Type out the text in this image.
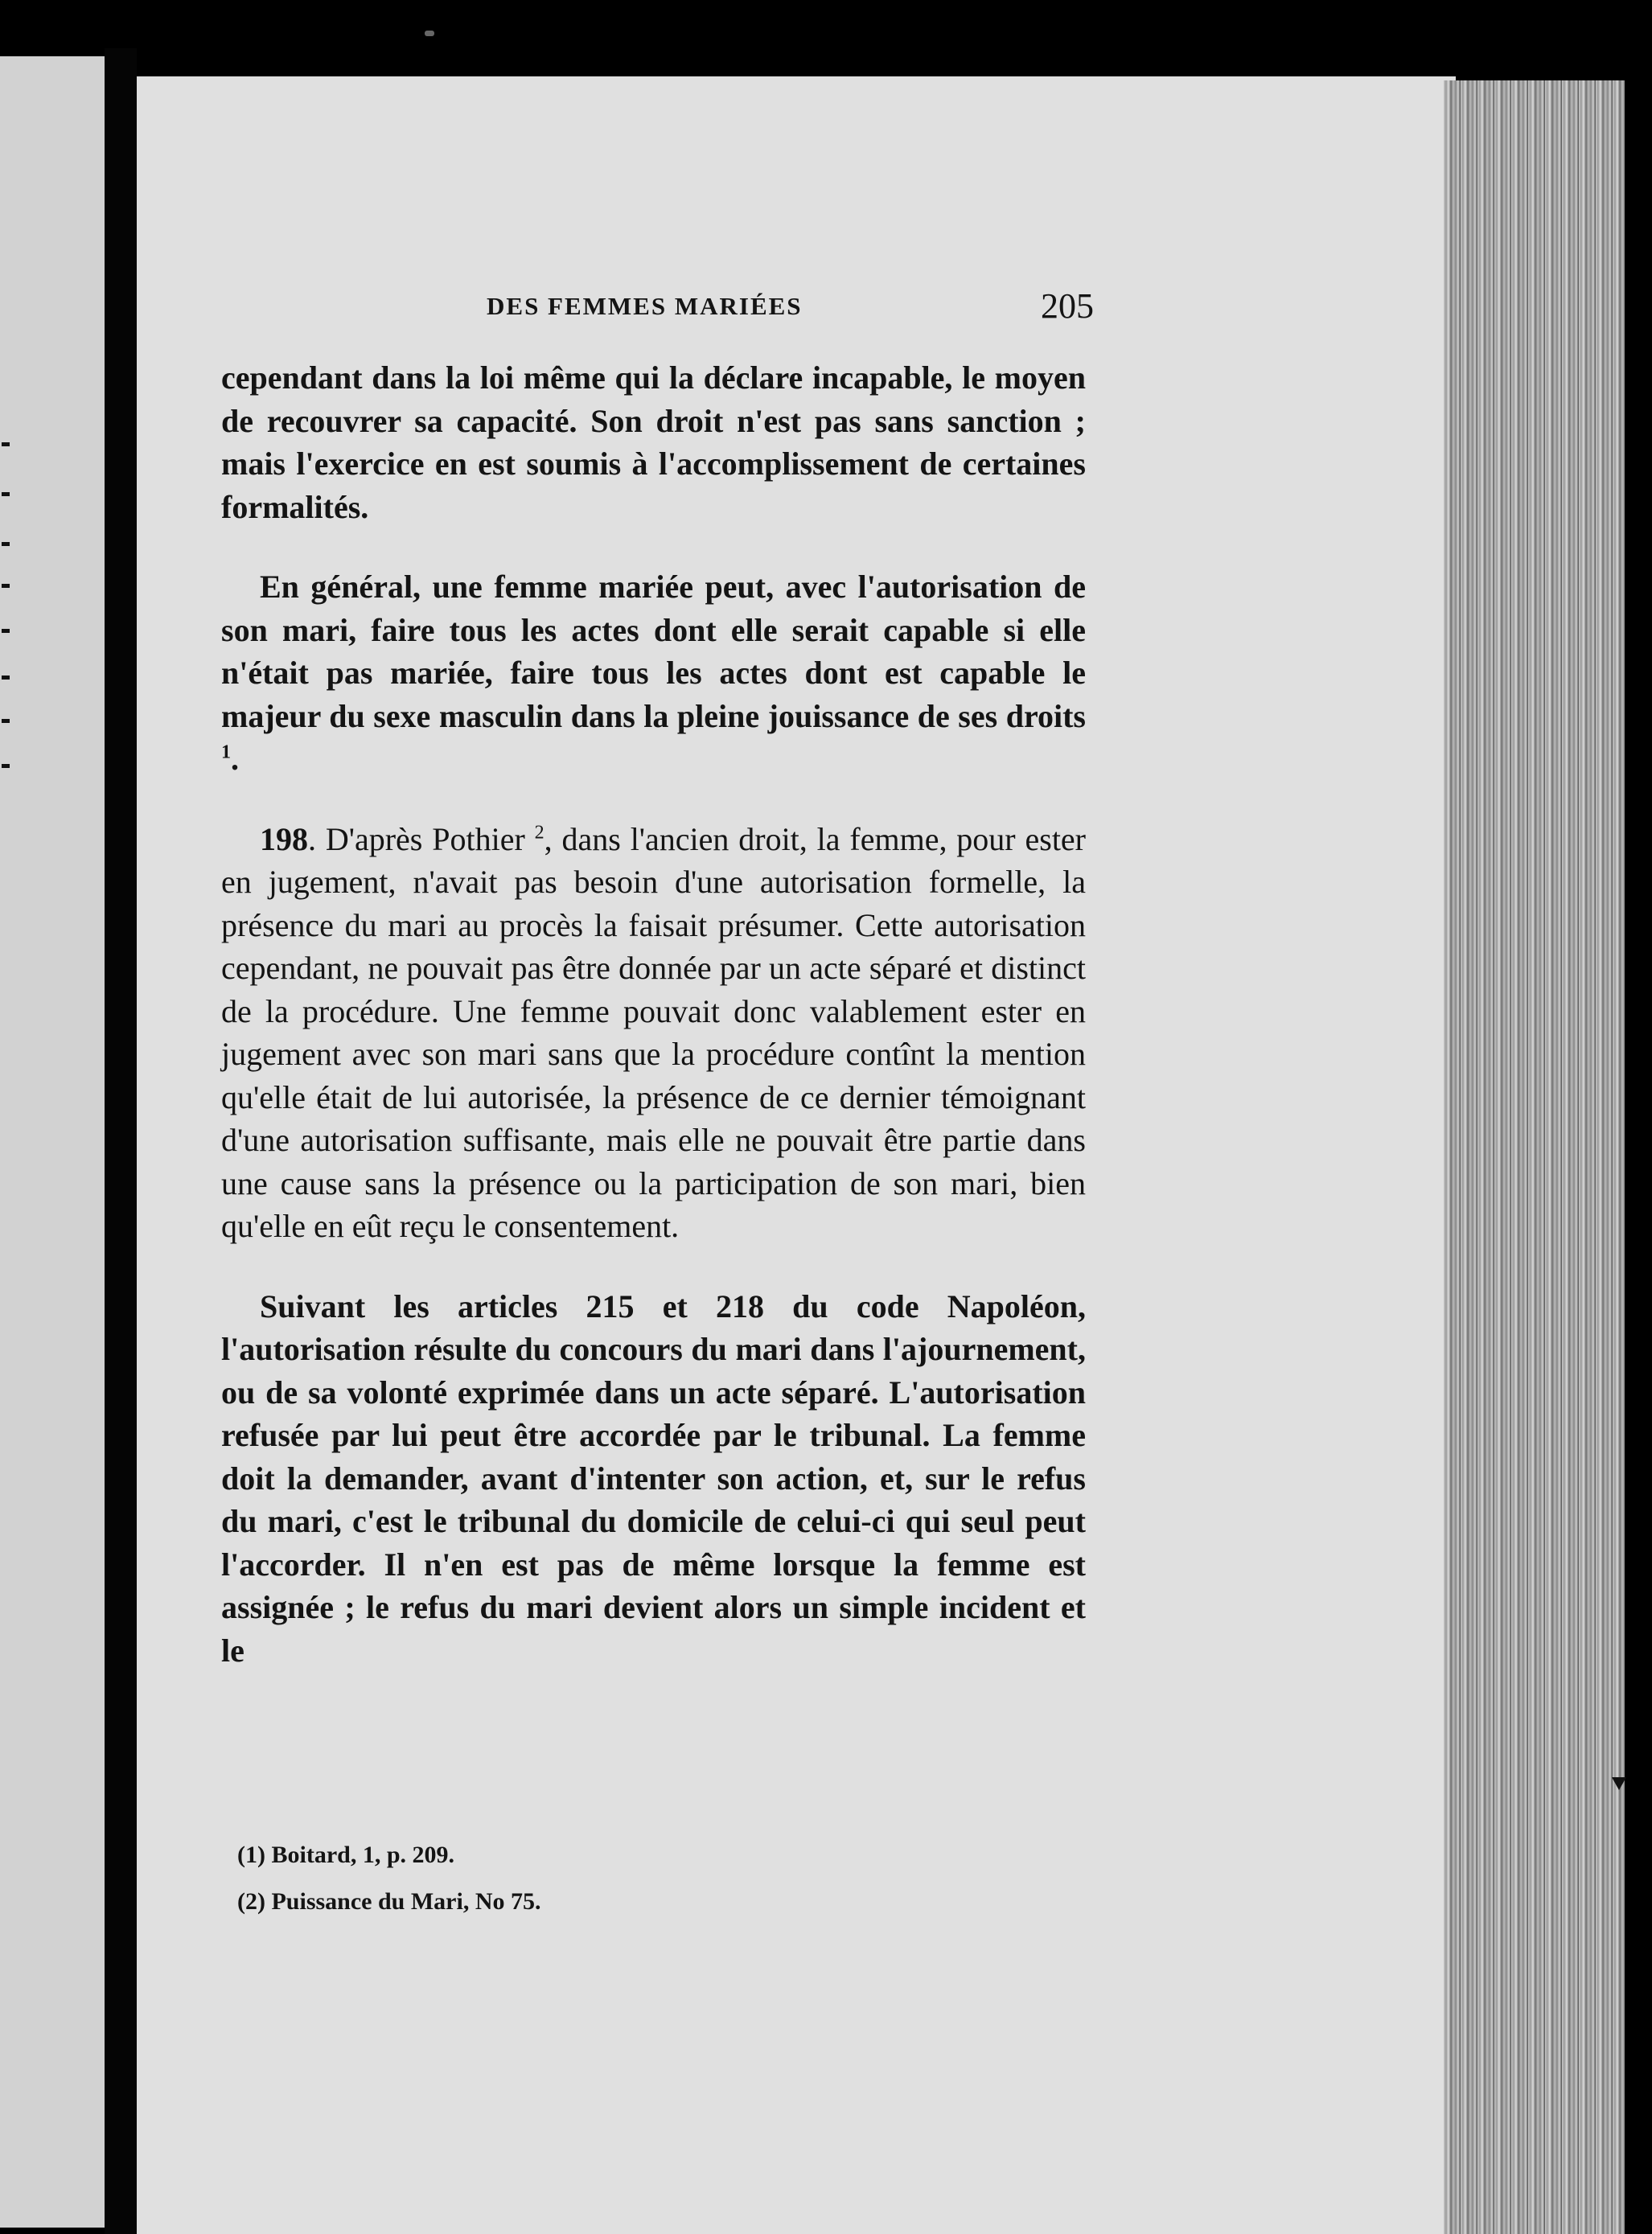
DES FEMMES MARIÉES	205

cependant dans la loi même qui la déclare incapable, le moyen de recouvrer sa capacité. Son droit n'est pas sans sanction ; mais l'exercice en est soumis à l'accomplissement de certaines formalités.

En général, une femme mariée peut, avec l'autorisation de son mari, faire tous les actes dont elle serait capable si elle n'était pas mariée, faire tous les actes dont est capable le majeur du sexe masculin dans la pleine jouissance de ses droits $^1$.

198. D'après Pothier $^2$, dans l'ancien droit, la femme, pour ester en jugement, n'avait pas besoin d'une autorisation formelle, la présence du mari au procès la faisait présumer. Cette autorisation cependant, ne pouvait pas être donnée par un acte séparé et distinct de la procédure. Une femme pouvait donc valablement ester en jugement avec son mari sans que la procédure contînt la mention qu'elle était de lui autorisée, la présence de ce dernier témoignant d'une autorisation suffisante, mais elle ne pouvait être partie dans une cause sans la présence ou la participation de son mari, bien qu'elle en eût reçu le consentement.

Suivant les articles 215 et 218 du code Napoléon, l'autorisation résulte du concours du mari dans l'ajournement, ou de sa volonté exprimée dans un acte séparé. L'autorisation refusée par lui peut être accordée par le tribunal. La femme doit la demander, avant d'intenter son action, et, sur le refus du mari, c'est le tribunal du domicile de celui-ci qui seul peut l'accorder. Il n'en est pas de même lorsque la femme est assignée ; le refus du mari devient alors un simple incident et le

(1) Boitard, 1, p. 209.
(2) Puissance du Mari, No 75.
